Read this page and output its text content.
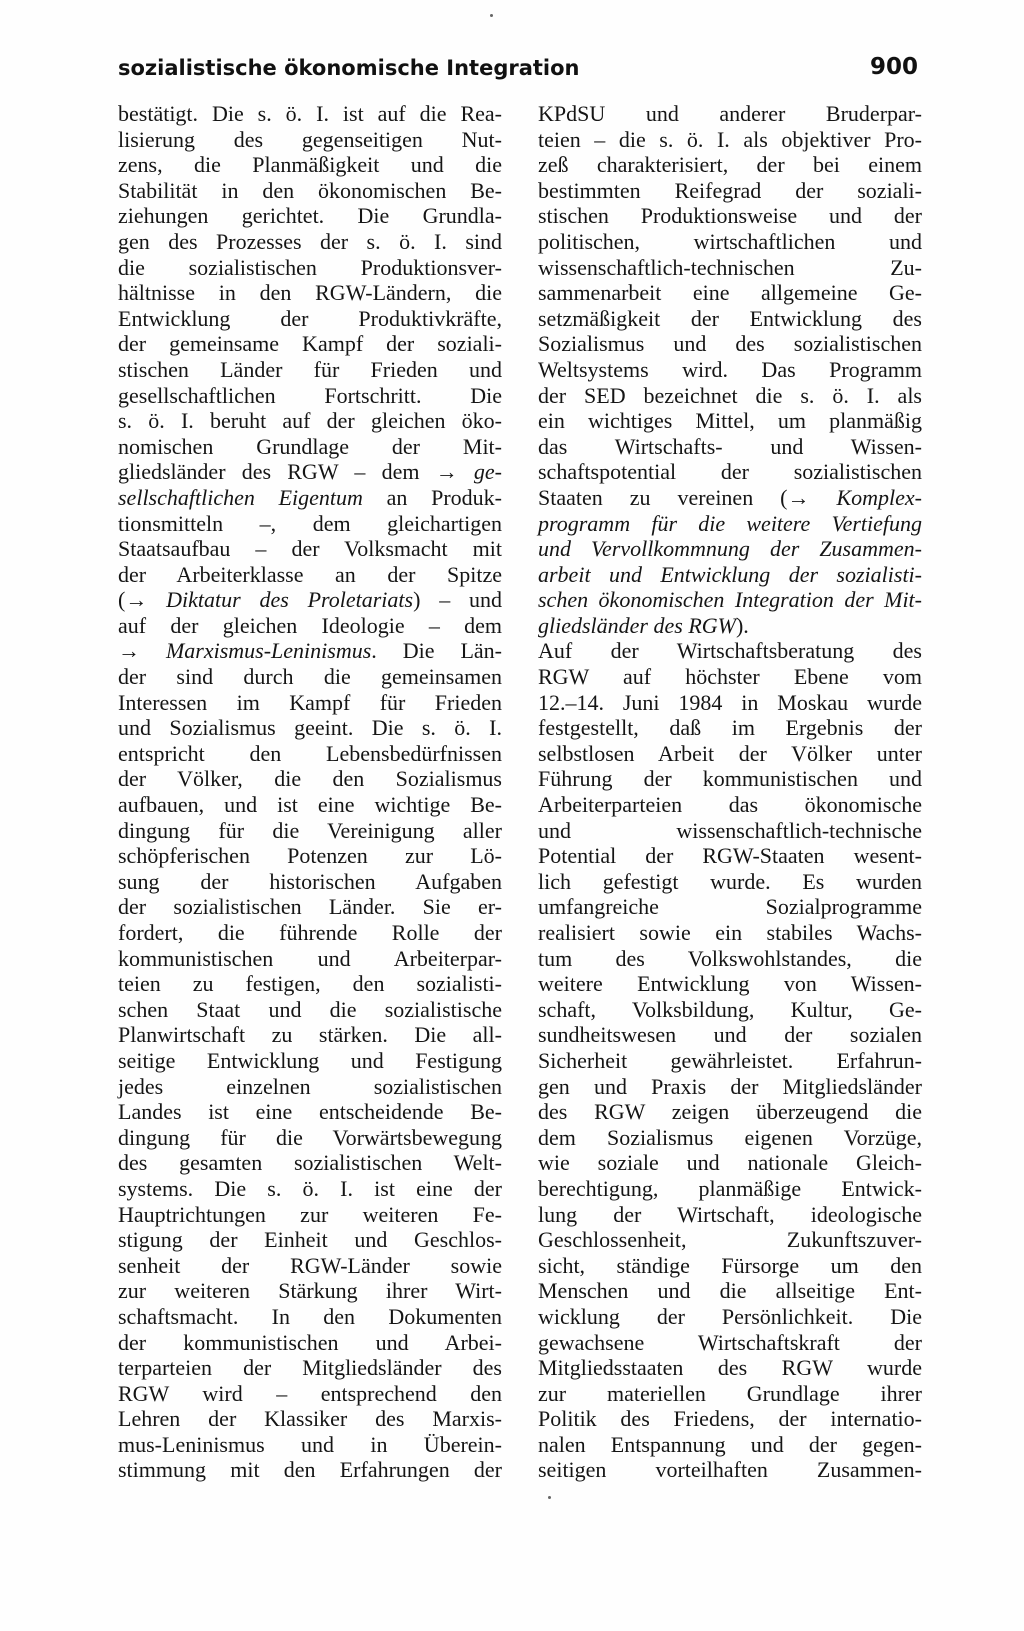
sozialistische ökonomische Integration	900
bestätigt. Die s. ö. I. ist auf die Rea-
lisierung des gegenseitigen Nut-
zens, die Planmäßigkeit und die
Stabilität in den ökonomischen Be-
ziehungen gerichtet. Die Grundla-
gen des Prozesses der s. ö. I. sind
die sozialistischen Produktionsver-
hältnisse in den RGW-Ländern, die
Entwicklung der Produktivkräfte,
der gemeinsame Kampf der soziali-
stischen Länder für Frieden und
gesellschaftlichen Fortschritt. Die
s. ö. I. beruht auf der gleichen öko-
nomischen Grundlage der Mit-
gliedsländer des RGW – dem → ge-
sellschaftlichen Eigentum an Produk-
tionsmitteln –, dem gleichartigen
Staatsaufbau – der Volksmacht mit
der Arbeiterklasse an der Spitze
(→ Diktatur des Proletariats) – und
auf der gleichen Ideologie – dem
→ Marxismus-Leninismus. Die Län-
der sind durch die gemeinsamen
Interessen im Kampf für Frieden
und Sozialismus geeint. Die s. ö. I.
entspricht den Lebensbedürfnissen
der Völker, die den Sozialismus
aufbauen, und ist eine wichtige Be-
dingung für die Vereinigung aller
schöpferischen Potenzen zur Lö-
sung der historischen Aufgaben
der sozialistischen Länder. Sie er-
fordert, die führende Rolle der
kommunistischen und Arbeiterpar-
teien zu festigen, den sozialisti-
schen Staat und die sozialistische
Planwirtschaft zu stärken. Die all-
seitige Entwicklung und Festigung
jedes einzelnen sozialistischen
Landes ist eine entscheidende Be-
dingung für die Vorwärtsbewegung
des gesamten sozialistischen Welt-
systems. Die s. ö. I. ist eine der
Hauptrichtungen zur weiteren Fe-
stigung der Einheit und Geschlos-
senheit der RGW-Länder sowie
zur weiteren Stärkung ihrer Wirt-
schaftsmacht. In den Dokumenten
der kommunistischen und Arbei-
terparteien der Mitgliedsländer des
RGW wird – entsprechend den
Lehren der Klassiker des Marxis-
mus-Leninismus und in Überein-
stimmung mit den Erfahrungen der
KPdSU und anderer Bruderpar-
teien – die s. ö. I. als objektiver Pro-
zeß charakterisiert, der bei einem
bestimmten Reifegrad der soziali-
stischen Produktionsweise und der
politischen, wirtschaftlichen und
wissenschaftlich-technischen Zu-
sammenarbeit eine allgemeine Ge-
setzmäßigkeit der Entwicklung des
Sozialismus und des sozialistischen
Weltsystems wird. Das Programm
der SED bezeichnet die s. ö. I. als
ein wichtiges Mittel, um planmäßig
das Wirtschafts- und Wissen-
schaftspotential der sozialistischen
Staaten zu vereinen (→ Komplex-
programm für die weitere Vertiefung
und Vervollkommnung der Zusammen-
arbeit und Entwicklung der sozialisti-
schen ökonomischen Integration der Mit-
gliedsländer des RGW).
Auf der Wirtschaftsberatung des
RGW auf höchster Ebene vom
12.–14. Juni 1984 in Moskau wurde
festgestellt, daß im Ergebnis der
selbstlosen Arbeit der Völker unter
Führung der kommunistischen und
Arbeiterparteien das ökonomische
und wissenschaftlich-technische
Potential der RGW-Staaten wesent-
lich gefestigt wurde. Es wurden
umfangreiche Sozialprogramme
realisiert sowie ein stabiles Wachs-
tum des Volkswohlstandes, die
weitere Entwicklung von Wissen-
schaft, Volksbildung, Kultur, Ge-
sundheitswesen und der sozialen
Sicherheit gewährleistet. Erfahrun-
gen und Praxis der Mitgliedsländer
des RGW zeigen überzeugend die
dem Sozialismus eigenen Vorzüge,
wie soziale und nationale Gleich-
berechtigung, planmäßige Entwick-
lung der Wirtschaft, ideologische
Geschlossenheit, Zukunftszuver-
sicht, ständige Fürsorge um den
Menschen und die allseitige Ent-
wicklung der Persönlichkeit. Die
gewachsene Wirtschaftskraft der
Mitgliedsstaaten des RGW wurde
zur materiellen Grundlage ihrer
Politik des Friedens, der internatio-
nalen Entspannung und der gegen-
seitigen vorteilhaften Zusammen-
